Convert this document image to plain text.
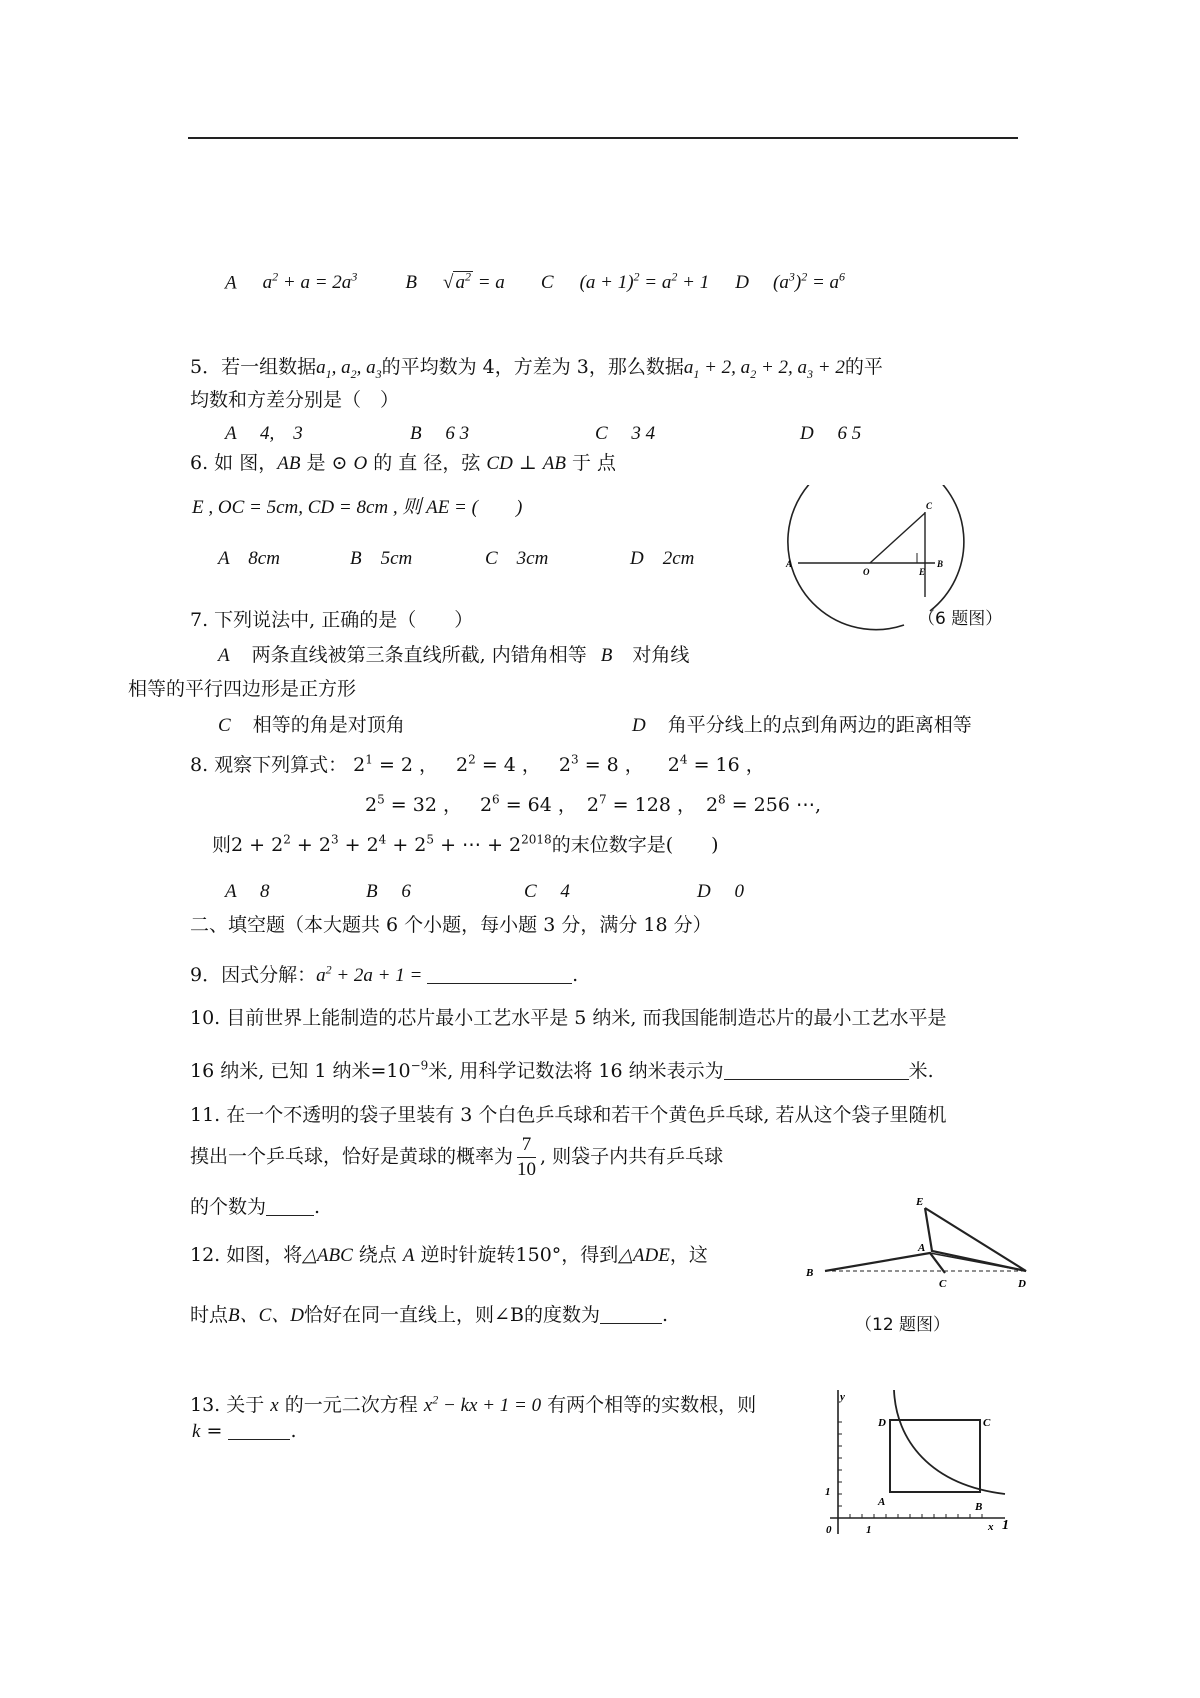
A $a^2 + a = 2a^3$	B √ $a^2 = a$ C $(a + 1)^2 = a^2 + 1$ D $(a^3)^2 = a^6$
5．若一组数据$a_1$, $a_2$, $a_3$的平均数为 4，方差为 3，那么数据$a_1 + 2$, $a_2 + 2$, $a_3 + 2$的平
均数和方差分别是（　）
A　 4,　3	B　 6 3	C　 3 4	D　 6 5
6. 如 图，AB 是 ⊙ O 的 直 径，弦 CD ⊥ AB 于 点
E , OC = 5cm, CD = 8cm , 则 AE = (　　)
A　8cm	B　5cm	C　3cm	D　2cm	A
O	E
B
C
（6 题图）
7. 下列说法中, 正确的是（　　）
A 两条直线被第三条直线所截, 内错角相等 B 对角线
相等的平行四边形是正方形
C 相等的角是对顶角	D 角平分线上的点到角两边的距离相等
8. 观察下列算式： $2^1 = 2$ ， $2^2 = 4$ ， $2^3 = 8$ ， $2^4 = 16$ ，
$2^5 = 32$ ， $2^6 = 64$ ， $2^7 = 128$ ， $2^8 = 256$ ⋯,
则$2 + 2^2 + 2^3 + 2^4 + 2^5$ + ⋯ + $2^{2018}$的末位数字是(　　)
A　 8	B　 6	C　 4	D　 0
二、填空题（本大题共 6 个小题，每小题 3 分，满分 18 分）
9．因式分解：$a^2 + 2a + 1$ =	.
10. 目前世界上能制造的芯片最小工艺水平是 5 纳米, 而我国能制造芯片的最小工艺水平是
16 纳米, 已知 1 纳米$=10^{-9}$米, 用科学记数法将 16 纳米表示为	米.
11. 在一个不透明的袋子里装有 3 个白色乒乓球和若干个黄色乒乓球, 若从这个袋子里随机
摸出一个乒乓球，恰好是黄球的概率为 $\frac{7}{10}$ , 则袋子内共有乒乓球
的个数为	.
12. 如图，将△ABC 绕点 A 逆时针旋转150°，得到△ADE，这
时点B、C、D恰好在同一直线上，则∠B的度数为	.
E
A
B
C	D
（12 题图）
13. 关于 x 的一元二次方程 $x^2$ − kx + 1 = 0 有两个相等的实数根，则
k =	.
y
D	C
1
A	B
0	1	x 1
